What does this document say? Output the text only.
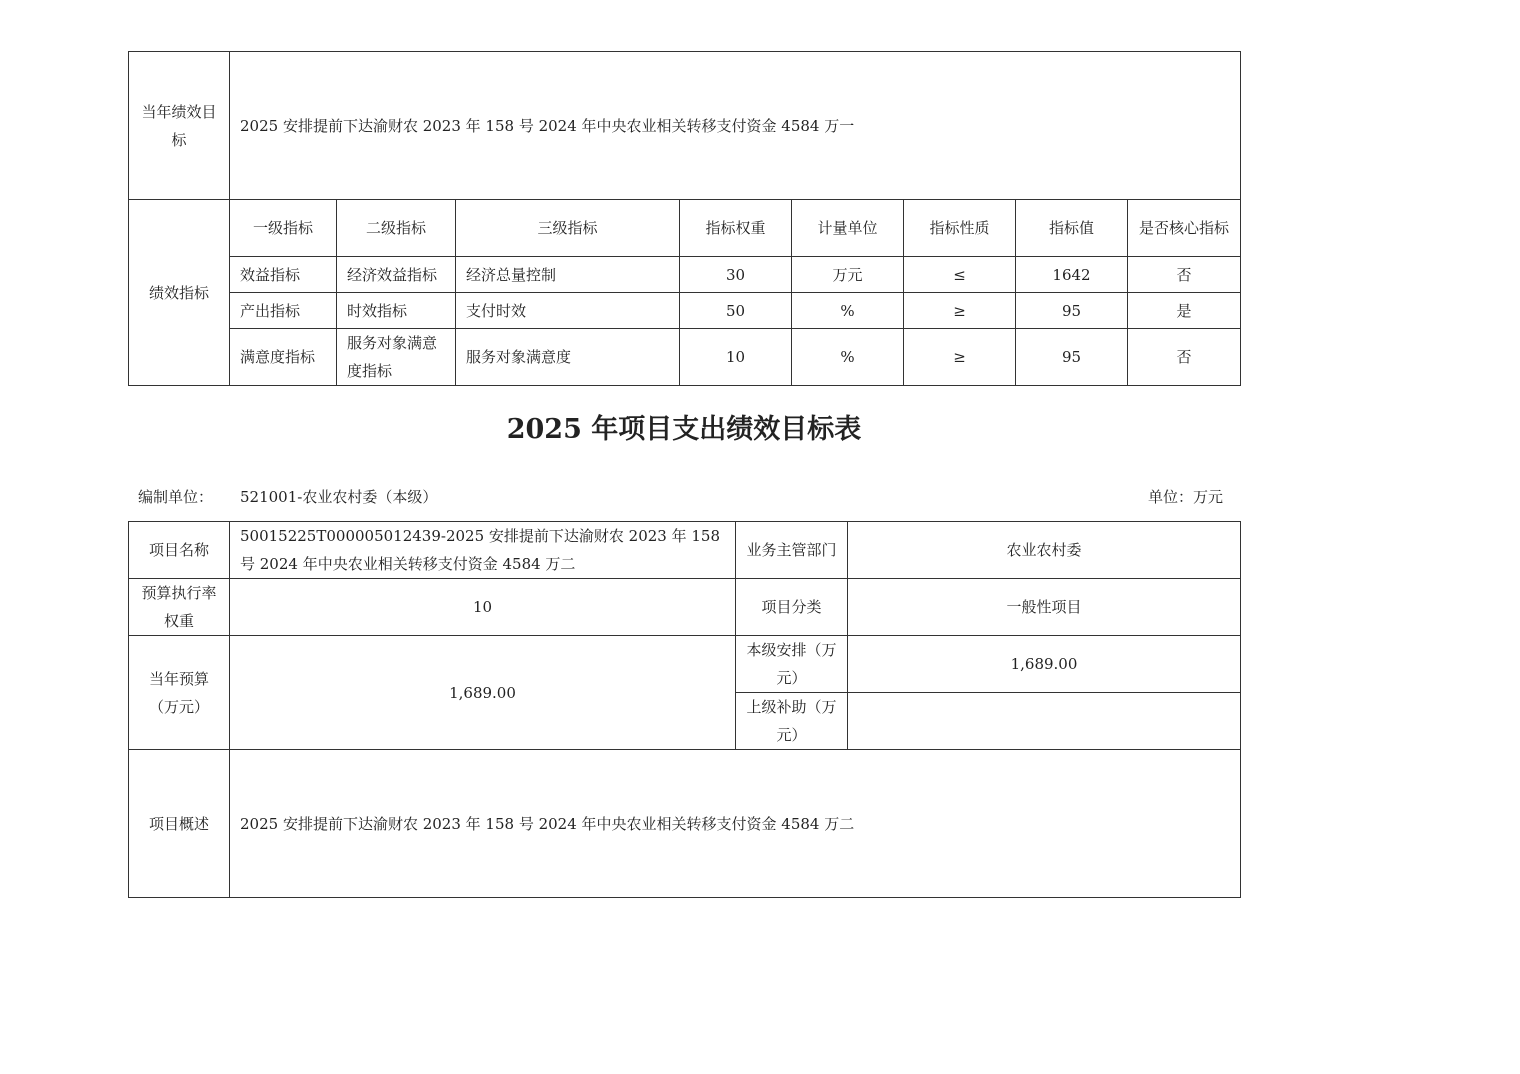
当年绩效目标	2025 安排提前下达渝财农 2023 年 158 号 2024 年中央农业相关转移支付资金 4584 万一							
绩效指标	一级指标	二级指标	三级指标	指标权重	计量单位	指标性质	指标值	是否核心指标
	效益指标	经济效益指标	经济总量控制	30	万元	≤	1642	否
	产出指标	时效指标	支付时效	50	%	≥	95	是
	满意度指标	服务对象满意度指标	服务对象满意度	10	%	≥	95	否
2025 年项目支出绩效目标表
编制单位： 521001-农业农村委（本级）	单位：万元
项目名称	50015225T000005012439-2025 安排提前下达渝财农 2023 年 158 号 2024 年中央农业相关转移支付资金 4584 万二	业务主管部门	农业农村委
预算执行率权重	10	项目分类	一般性项目
当年预算（万元）	1,689.00	本级安排（万元）	1,689.00
		上级补助（万元）	
项目概述	2025 安排提前下达渝财农 2023 年 158 号 2024 年中央农业相关转移支付资金 4584 万二		
